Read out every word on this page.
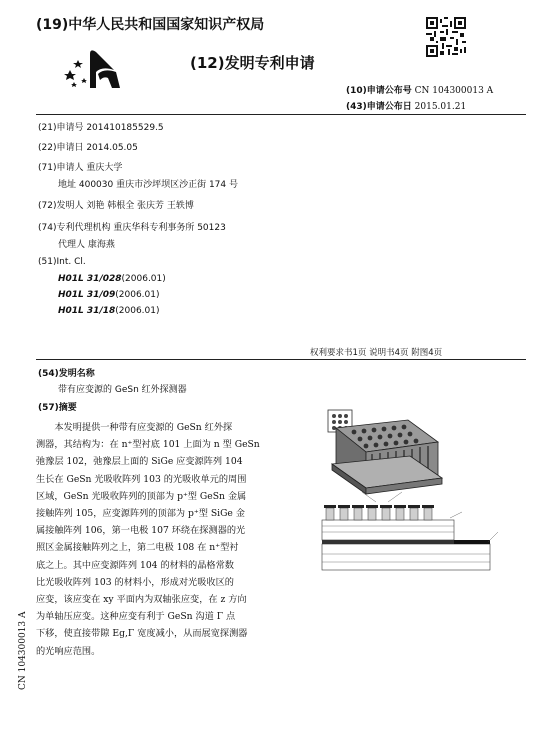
(19)中华人民共和国国家知识产权局
(12)发明专利申请
(10)申请公布号 CN 104300013 A
(43)申请公布日 2015.01.21
(21)申请号 201410185529.5
(22)申请日 2014.05.05
(71)申请人 重庆大学
地址 400030 重庆市沙坪坝区沙正街 174 号
(72)发明人 刘艳 韩根全 张庆芳 王轶博
(74)专利代理机构 重庆华科专利事务所 50123
代理人 康海燕
(51)Int. Cl.
H01L 31/028(2006.01)
H01L 31/09(2006.01)
H01L 31/18(2006.01)
权利要求书1页 说明书4页 附图4页
(54)发明名称
带有应变源的 GeSn 红外探测器
(57)摘要
　　本发明提供一种带有应变源的 GeSn 红外探
测器，其结构为：在 n⁺型衬底 101 上面为 n 型 GeSn
弛豫层 102，弛豫层上面的 SiGe 应变源阵列 104
生长在 GeSn 光吸收阵列 103 的光吸收单元的周围
区域，GeSn 光吸收阵列的顶部为 p⁺型 GeSn 金属
接触阵列 105，应变源阵列的顶部为 p⁺型 SiGe 金
属接触阵列 106，第一电极 107 环绕在探测器的光
照区金属接触阵列之上，第二电极 108 在 n⁺型衬
底之上。其中应变源阵列 104 的材料的晶格常数
比光吸收阵列 103 的材料小，形成对光吸收区的
应变，该应变在 xy 平面内为双轴张应变，在 z 方向
为单轴压应变。这种应变有利于 GeSn 沟道 Γ 点
下移，使直接带隙 Eg,Γ 宽度减小，从而展宽探测器
的光响应范围。
CN 104300013 A
